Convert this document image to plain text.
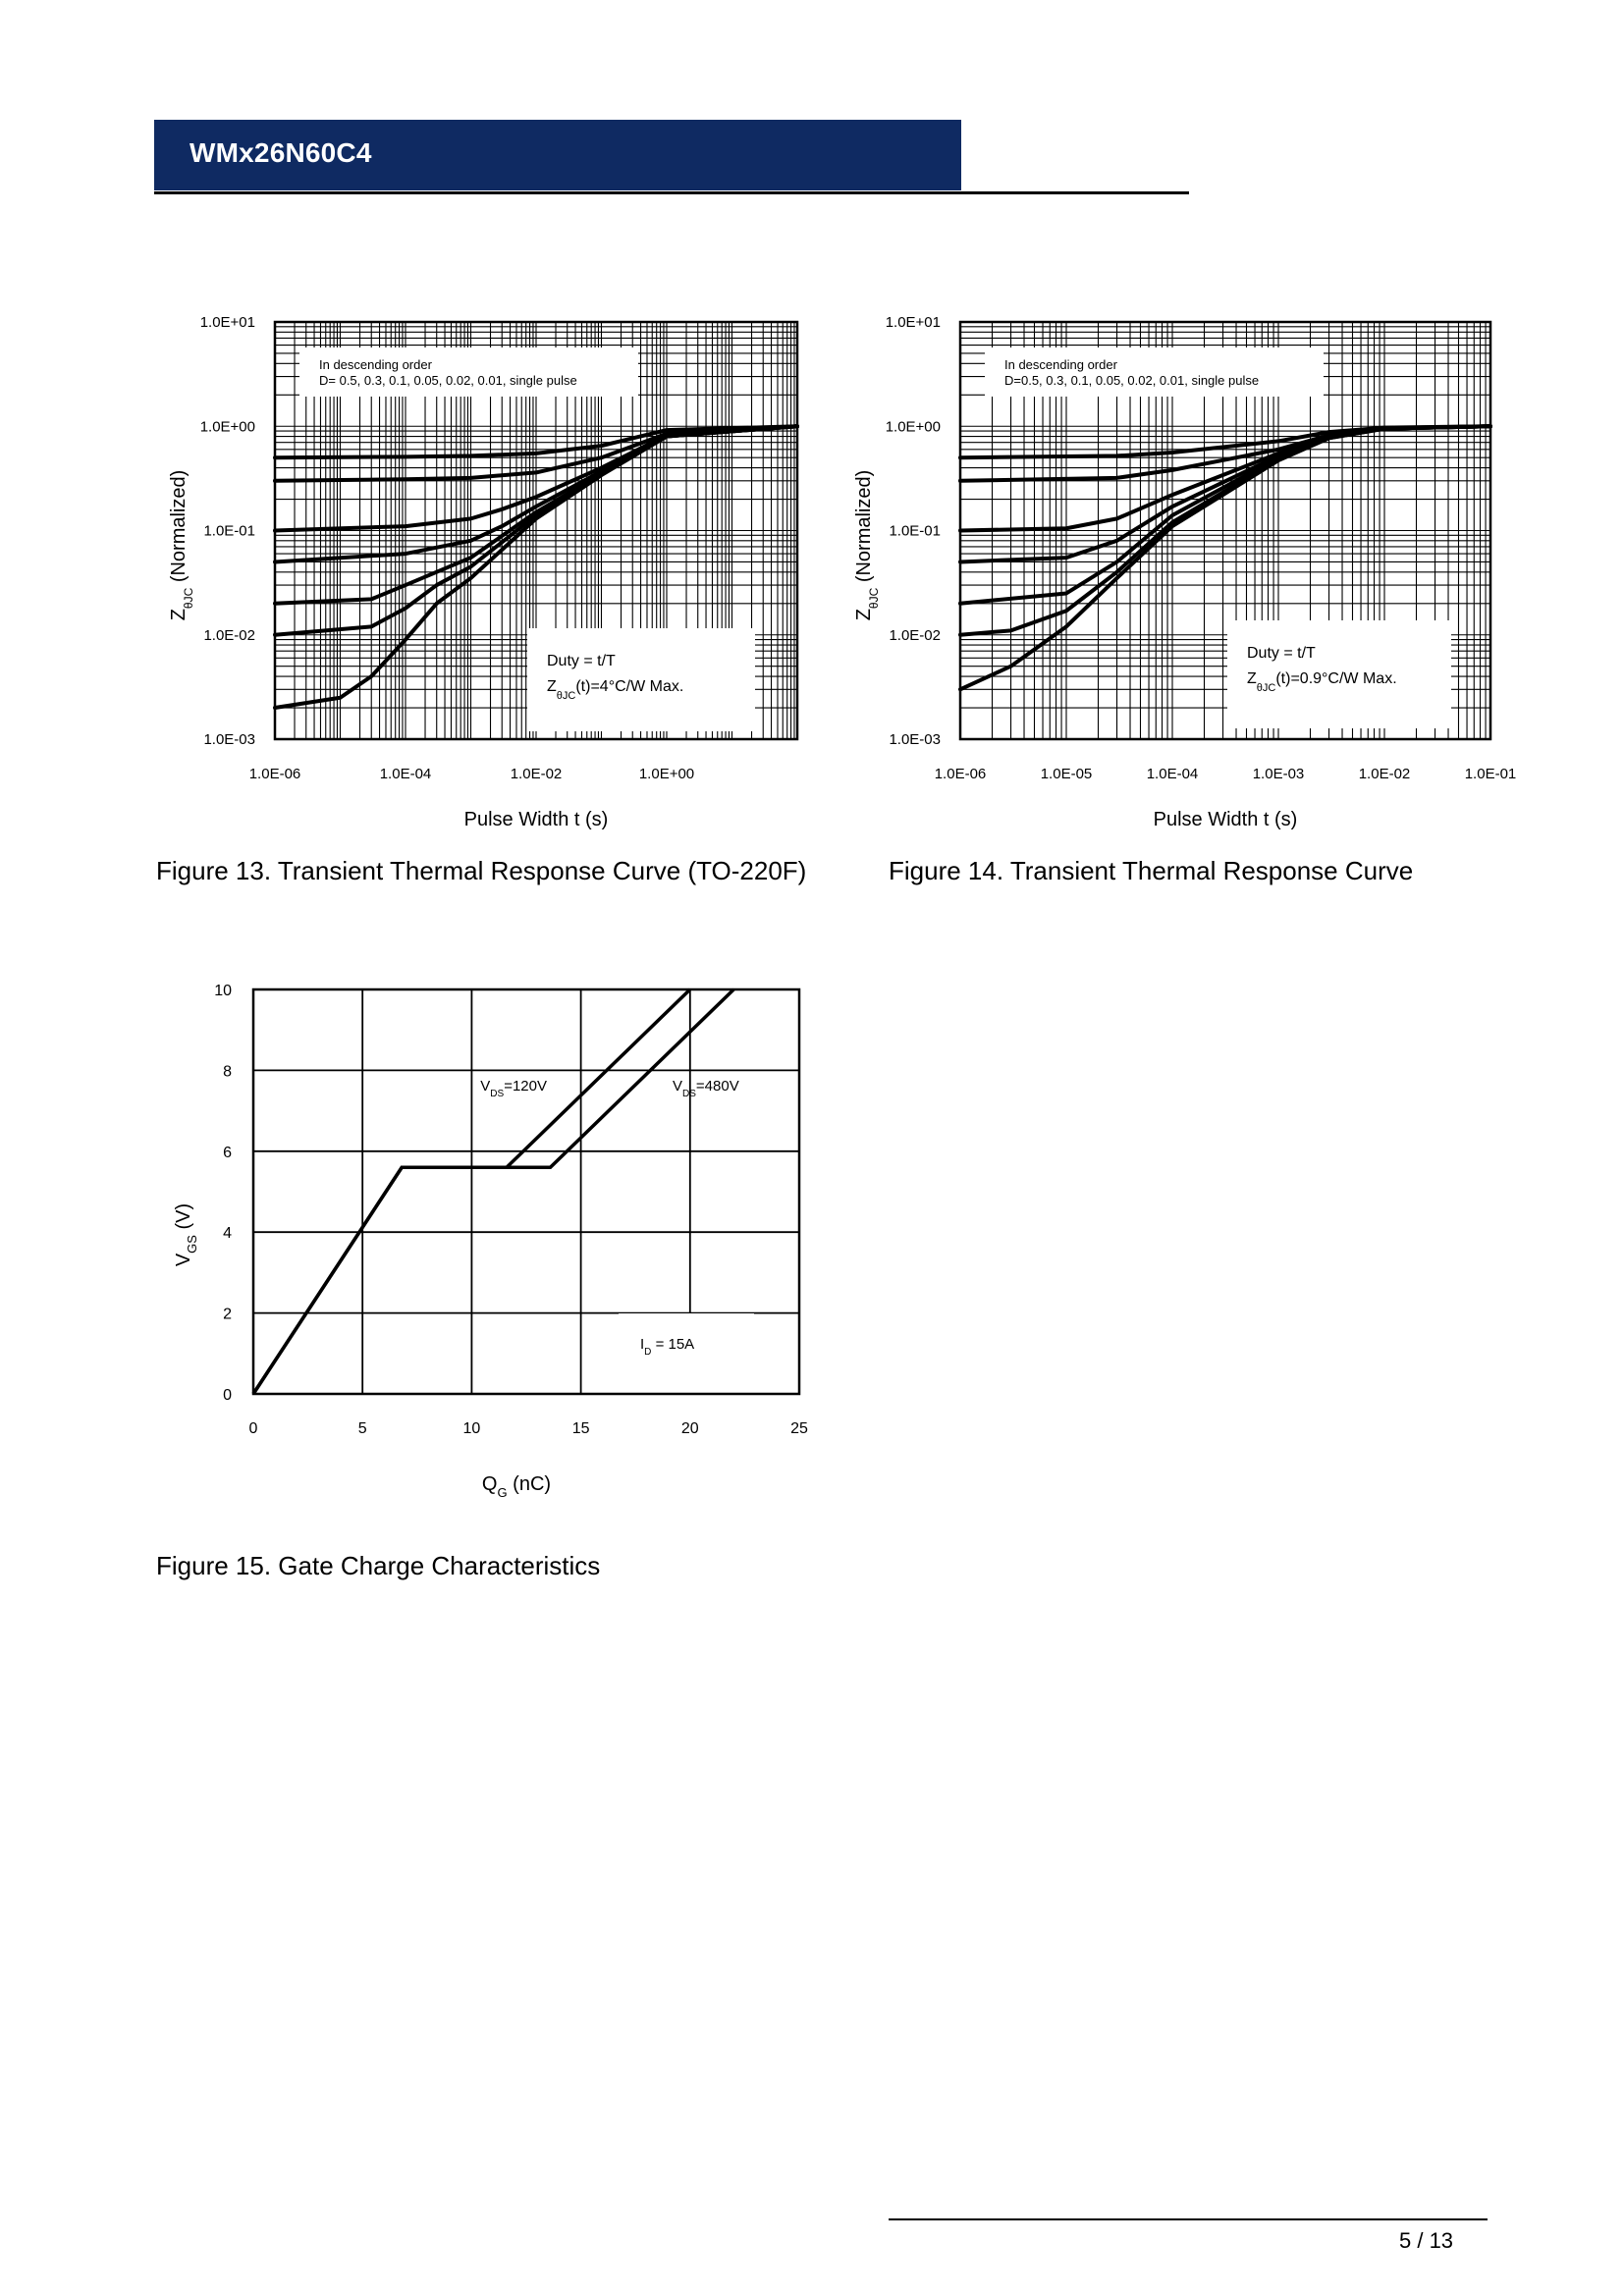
WMx26N60C4
1.0E-06	1.0E-04	1.0E-02	1.0E+00
1.0E+01
1.0E+00
1.0E-01
1.0E-02
1.0E-03
In descending order
D= 0.5, 0.3, 0.1, 0.05, 0.02, 0.01, single pulse
Duty = t/T
$Z_{\theta JC}(t)=4^\circ C/W$ Max.
Pulse Width t (s)
$Z_{\theta JC}$ (Normalized)
1.0E-06	1.0E-05	1.0E-04	1.0E-03	1.0E-02	1.0E-01
1.0E+01
1.0E+00
1.0E-01
1.0E-02
1.0E-03
In descending order
D=0.5, 0.3, 0.1, 0.05, 0.02, 0.01, single pulse
Duty = t/T
$Z_{\theta JC}(t)=0.9^\circ C/W$ Max.
Pulse Width t (s)
$Z_{\theta JC}$ (Normalized)
Figure 13. Transient Thermal Response Curve (TO-220F)	Figure 14. Transient Thermal Response Curve
0	5	10	15	20	25
10
8
6
4
2
0
$I_D = 15A$
$V_{DS}=120V$	$V_{DS}=480V$
$Q_G$ (nC)
$V_{GS}$ (V)
Figure 15. Gate Charge Characteristics
5 / 13
